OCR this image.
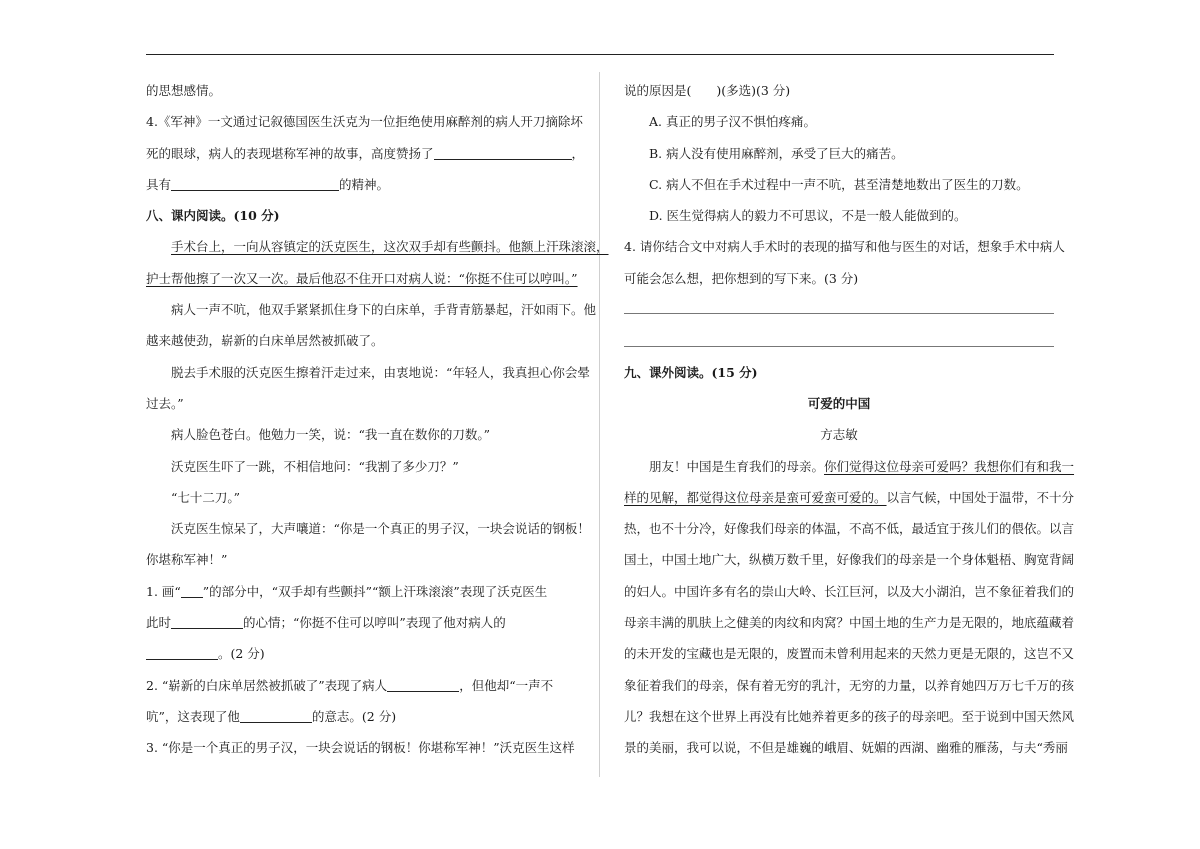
的思想感情。
4.《军神》一文通过记叙德国医生沃克为一位拒绝使用麻醉剂的病人开刀摘除坏
死的眼球，病人的表现堪称军神的故事，高度赞扬了	，
具有	的精神。
八、课内阅读。(10 分)
手术台上，一向从容镇定的沃克医生，这次双手却有些颤抖。他额上汗珠滚滚，
护士帮他擦了一次又一次。最后他忍不住开口对病人说：“你挺不住可以哼叫。”
病人一声不吭，他双手紧紧抓住身下的白床单，手背青筋暴起，汗如雨下。他
越来越使劲，崭新的白床单居然被抓破了。
脱去手术服的沃克医生擦着汗走过来，由衷地说：“年轻人，我真担心你会晕
过去。”
病人脸色苍白。他勉力一笑，说：“我一直在数你的刀数。”
沃克医生吓了一跳，不相信地问：“我割了多少刀？”
“七十二刀。”
沃克医生惊呆了，大声嚷道：“你是一个真正的男子汉，一块会说话的钢板！
你堪称军神！”
1. 画“ ”的部分中，“双手却有些颤抖”“额上汗珠滚滚”表现了沃克医生
此时	的心情；“你挺不住可以哼叫”表现了他对病人的
。(2 分)
2. “崭新的白床单居然被抓破了”表现了病人	，但他却“一声不
吭”，这表现了他	的意志。(2 分)
3. “你是一个真正的男子汉，一块会说话的钢板！你堪称军神！”沃克医生这样
说的原因是(　　)(多选)(3 分)
A. 真正的男子汉不惧怕疼痛。
B. 病人没有使用麻醉剂，承受了巨大的痛苦。
C. 病人不但在手术过程中一声不吭，甚至清楚地数出了医生的刀数。
D. 医生觉得病人的毅力不可思议，不是一般人能做到的。
4. 请你结合文中对病人手术时的表现的描写和他与医生的对话，想象手术中病人
可能会怎么想，把你想到的写下来。(3 分)
九、课外阅读。(15 分)
可爱的中国
方志敏
朋友！中国是生育我们的母亲。你们觉得这位母亲可爱吗？我想你们有和我一
样的见解，都觉得这位母亲是蛮可爱蛮可爱的。以言气候，中国处于温带，不十分
热，也不十分冷，好像我们母亲的体温，不高不低，最适宜于孩儿们的偎依。以言
国土，中国土地广大，纵横万数千里，好像我们的母亲是一个身体魁梧、胸宽背阔
的妇人。中国许多有名的崇山大岭、长江巨河，以及大小湖泊，岂不象征着我们的
母亲丰满的肌肤上之健美的肉纹和肉窝？中国土地的生产力是无限的，地底蕴藏着
的未开发的宝藏也是无限的，废置而未曾利用起来的天然力更是无限的，这岂不又
象征着我们的母亲，保有着无穷的乳汁，无穷的力量，以养育她四万万七千万的孩
儿？我想在这个世界上再没有比她养着更多的孩子的母亲吧。至于说到中国天然风
景的美丽，我可以说，不但是雄巍的峨眉、妩媚的西湖、幽雅的雁荡，与夫“秀丽
